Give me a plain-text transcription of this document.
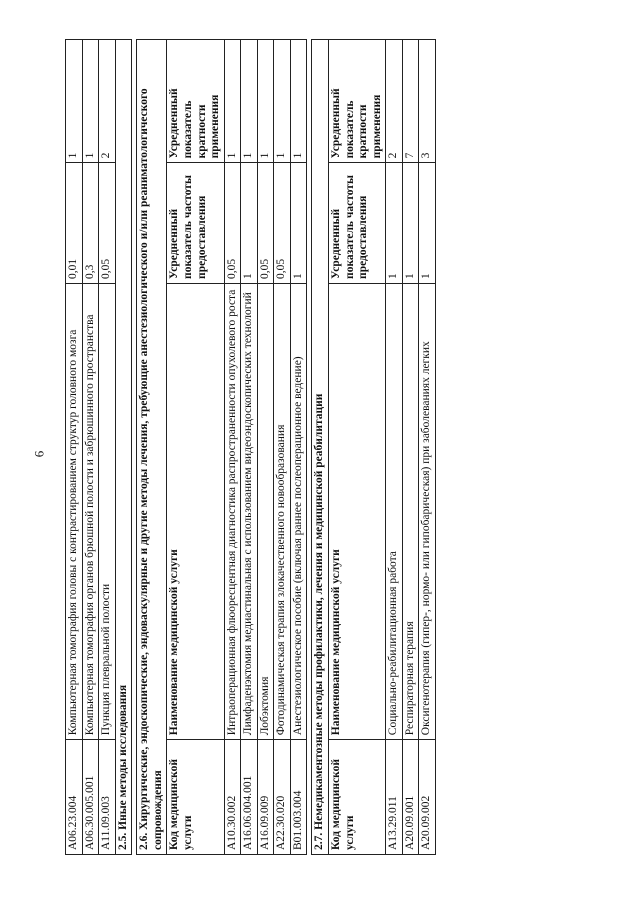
6
A06.23.004	Компьютерная томография головы с контрастированием структур головного мозга	0,01	1
A06.30.005.001	Компьютерная томография органов брюшной полости и забрюшинного пространства	0,3	1
A11.09.003	Пункция плевральной полости	0,05	2
2.5. Иные методы исследования			

2.6. Хирургические, эндоскопические, эндоваскулярные и другие методы лечения, требующие анестезиологического и/или реаниматологического сопровождения			
Код медицинской услуги	Наименование медицинской услуги	Усредненный показатель частоты предоставления	Усредненный показатель кратности применения
A10.30.002	Интраоперационная флюоресцентная диагностика распространенности опухолевого роста	0,05	1
A16.06.004.001	Лимфаденэктомия медиастинальная с использованием видеоэндоскопических технологий	1	1
A16.09.009	Лобэктомия	0,05	1
A22.30.020	Фотодинамическая терапия злокачественного новообразования	0,05	1
B01.003.004	Анестезиологическое пособие (включая раннее послеоперационное ведение)	1	1

2.7. Немедикаментозные методы профилактики, лечения и медицинской реабилитации			
Код медицинской услуги	Наименование медицинской услуги	Усредненный показатель частоты предоставления	Усредненный показатель кратности применения
A13.29.011	Социально-реабилитационная работа	1	2
A20.09.001	Респираторная терапия	1	7
A20.09.002	Оксигенотерапия (гипер-, нормо- или гипобарическая) при заболеваниях легких	1	3
